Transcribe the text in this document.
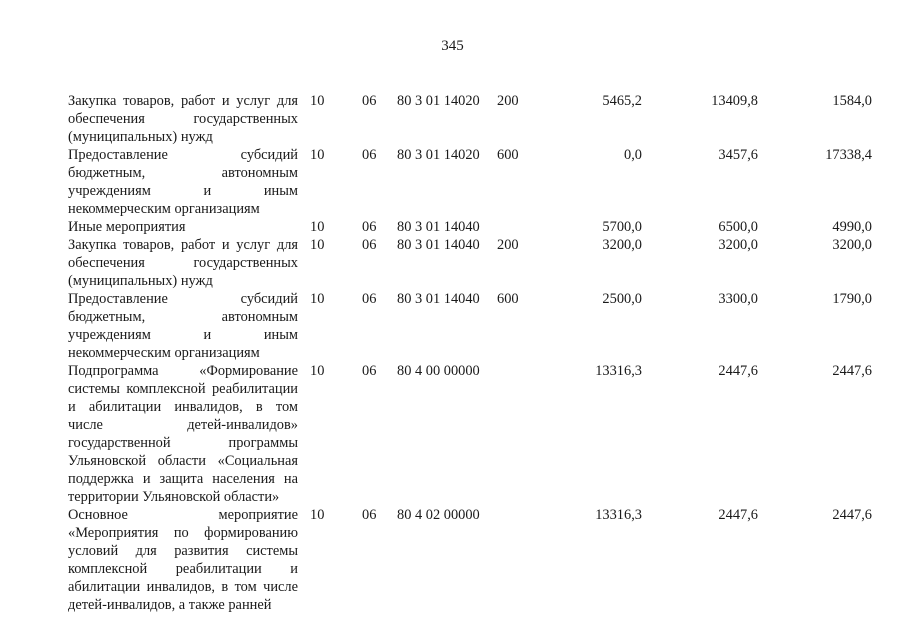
345
Закупка товаров, работ и услуг для обеспечения государственных (муниципальных) нужд	10	06	80 3 01 14020	200	5465,2	13409,8	1584,0
Предоставление субсидий бюджетным, автономным учреждениям и иным некоммерческим организациям	10	06	80 3 01 14020	600	0,0	3457,6	17338,4
Иные мероприятия	10	06	80 3 01 14040		5700,0	6500,0	4990,0
Закупка товаров, работ и услуг для обеспечения государственных (муниципальных) нужд	10	06	80 3 01 14040	200	3200,0	3200,0	3200,0
Предоставление субсидий бюджетным, автономным учреждениям и иным некоммерческим организациям	10	06	80 3 01 14040	600	2500,0	3300,0	1790,0
Подпрограмма «Формирование системы комплексной реабилитации и абилитации инвалидов, в том числе детей-инвалидов» государственной программы Ульяновской области «Социальная поддержка и защита населения на территории Ульяновской области»	10	06	80 4 00 00000		13316,3	2447,6	2447,6
Основное мероприятие «Мероприятия по формированию условий для развития системы комплексной реабилитации и абилитации инвалидов, в том числе детей-инвалидов, а также ранней	10	06	80 4 02 00000		13316,3	2447,6	2447,6
